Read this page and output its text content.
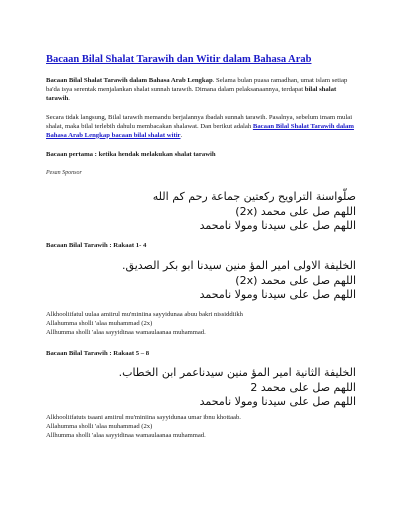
Bacaan Bilal Shalat Tarawih dan Witir dalam Bahasa Arab
Bacaan Bilal Shalat Tarawih dalam Bahasa Arab Lengkap. Selama bulan puasa ramadhan, umat islam setiap ba'da isya serentak menjalankan shalat sunnah tarawih. Dimana dalam pelaksanaannya, terdapat bilal shalat tarawih.
Secara tidak langsung, Bilal tarawih memandu berjalannya ibadah sunnah tarawih. Pasalnya, sebelum imam mulai shalat, maka bilal terlebih dahulu membacakan shalawat. Dan berikut adalah Bacaan Bilal Shalat Tarawih dalam Bahasa Arab Lengkap bacaan bilal shalat witir.
Bacaan pertama : ketika hendak melakukan shalat tarawih
Pesan Sponsor
صلّواسنة التراويح ركعتين جماعة رحم كم الله
اللهم صل على محمد (2x)
اللهم صل على سيدنا ومولا نامحمد
Bacaan Bilal Tarawih : Rakaat 1- 4
الخليفة الاولى امير المؤ منين سيدنا ابو بكر الصديق.
اللهم صل على محمد (2x)
اللهم صل على سيدنا ومولا نامحمد
Alkhooliifatul uulaa amiirul mu'miniina sayyidunaa abuu bakri nissiddiikh
Allahumma sholli 'alaa muhammad (2x)
Allhumma sholli 'alaa sayyidinaa wamaulaanaa muhammad.
Bacaan Bilal Tarawih : Rakaat 5 – 8
الخليفة الثانية امير المؤ منين سيدناعمر ابن الخطاب.
اللهم صل على محمد 2
اللهم صل على سيدنا ومولا نامحمد
Alkhooliifatuts tsaani amiirul mu'miniina sayyidunaa umar ibnu khottaab.
Allahumma sholli 'alaa muhammad (2x)
Allhumma sholli 'alaa sayyidinaa wamaulaanaa muhammad.
